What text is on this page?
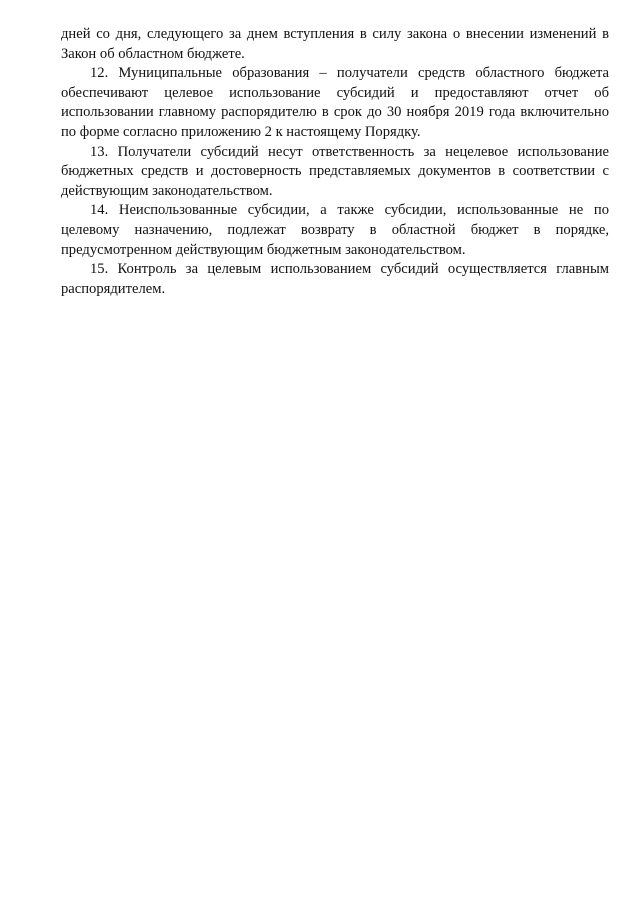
дней со дня, следующего за днем вступления в силу закона о внесении изменений в Закон об областном бюджете.

12. Муниципальные образования – получатели средств областного бюджета обеспечивают целевое использование субсидий и предоставляют отчет об использовании главному распорядителю в срок до 30 ноября 2019 года включительно по форме согласно приложению 2 к настоящему Порядку.

13. Получатели субсидий несут ответственность за нецелевое использование бюджетных средств и достоверность представляемых документов в соответствии с действующим законодательством.

14. Неиспользованные субсидии, а также субсидии, использованные не по целевому назначению, подлежат возврату в областной бюджет в порядке, предусмотренном действующим бюджетным законодательством.

15. Контроль за целевым использованием субсидий осуществляется главным распорядителем.
